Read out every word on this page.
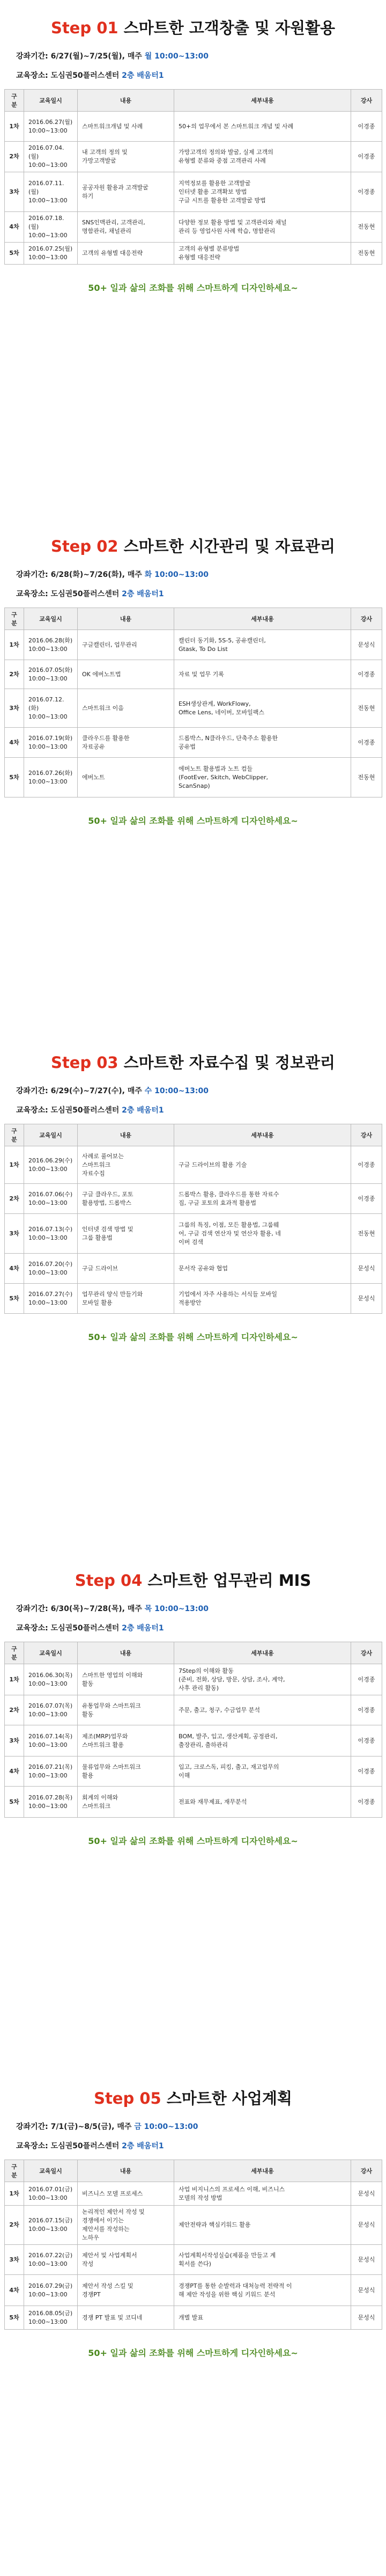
Step 01 스마트한 고객창출 및 자원활용
강좌기간: 6/27(월)~7/25(월), 매주 월 10:00~13:00
교육장소: 도심권50플러스센터 2층 배움터1
구분	교육일시	내용	세부내용	강사
1차	2016.06.27(월)
10:00~13:00	스마트워크개념 및 사례	50+의 업무에서 본 스마트워크 개념 및 사례	이경종
2차	2016.07.04.(월)
10:00~13:00	내 고객의 정의 및
가망고객발굴	가망고객의 정의와 발굴, 실제 고객의
유형별 분류와 중점 고객관리 사례	이경종
3차	2016.07.11.(월)
10:00~13:00	공공자원 활용과 고객발굴
하기	지역정보를 활용한 고객발굴
인터넷 활용 고객확보 방법
구글 시트를 활용한 고객발굴 방법	이경종
4차	2016.07.18.(월)
10:00~13:00	SNS인맥관리, 고객관리,
명함관리, 채널관리	다양한 정보 활용 방법 및 고객관리와 채널
관리 등 영업사원 사례 학습, 명함관리	전동현
5차	2016.07.25(월)
10:00~13:00	고객의 유형별 대응전략	고객의 유형별 분류방법
유형별 대응전략	전동현
50+ 일과 삶의 조화를 위해 스마트하게 디자인하세요~
Step 02 스마트한 시간관리 및 자료관리
강좌기간: 6/28(화)~7/26(화), 매주 화 10:00~13:00
교육장소: 도심권50플러스센터 2층 배움터1
구분	교육일시	내용	세부내용	강사
1차	2016.06.28(화)
10:00~13:00	구글캘린더, 업무관리	캘린더 동기화, 5S-5, 공유캘린더,
Gtask, To Do List	문성식
2차	2016.07.05(화)
10:00~13:00	OK 에버노트법	자료 및 업무 기록	이경종
3차	2016.07.12.(화)
10:00~13:00	스마트워크 이음	ESH생상관계, WorkFlowy,
Office Lens, 네이버, 모바일팩스	전동현
4차	2016.07.19(화)
10:00~13:00	클라우드를 활용한
자료공유	드롭박스, N클라우드, 단축주소 활용한
공유법	이경종
5차	2016.07.26(화)
10:00~13:00	에버노트	에버노트 활용법과 노트 컴들
(FootEver, Skitch, WebClipper,
ScanSnap)	전동현
50+ 일과 삶의 조화를 위해 스마트하게 디자인하세요~
Step 03 스마트한 자료수집 및 정보관리
강좌기간: 6/29(수)~7/27(수), 매주 수 10:00~13:00
교육장소: 도심권50플러스센터 2층 배움터1
구분	교육일시	내용	세부내용	강사
1차	2016.06.29(수)
10:00~13:00	사례로 풀어보는
스마트워크
자료수집	구글 드라이브의 활용 기술	이경종
2차	2016.07.06(수)
10:00~13:00	구글 클라우드, 포토
활용방법, 드롭박스	드롭박스 활용, 클라우드를 통한 자료수
집, 구글 포토의 효과적 활용법	이경종
3차	2016.07.13(수)
10:00~13:00	인터넷 검색 방법 및
그룹 활용법	그룹의 특징, 이점, 모든 활용법, 그룹웨
어, 구글 검색 연산자 및 연산자 활용, 네
이버 검색	전동현
4차	2016.07.20(수)
10:00~13:00	구글 드라이브	문서작 공유와 협업	문성식
5차	2016.07.27(수)
10:00~13:00	업무관리 양식 만들기와
모바일 활용	기업에서 자주 사용하는 서식들 모바일
적용방안	문성식
50+ 일과 삶의 조화를 위해 스마트하게 디자인하세요~
Step 04 스마트한 업무관리 MIS
강좌기간: 6/30(목)~7/28(목), 매주 목 10:00~13:00
교육장소: 도심권50플러스센터 2층 배움터1
구분	교육일시	내용	세부내용	강사
1차	2016.06.30(목)
10:00~13:00	스마트한 영업의 이해와
활동	7Step의 이해와 활동
(준비, 전화, 상담, 방문, 상담, 조사, 계약,
사후 관리 활동)	이경종
2차	2016.07.07(목)
10:00~13:00	유통업무와 스마트워크
활동	주문, 출고, 청구, 수금업무 분석	이경종
3차	2016.07.14(목)
10:00~13:00	제조(MRP)업무와
스마트워크 활용	BOM, 발주, 입고, 생산계획, 공정관리,
출장관리, 출하관리	이경종
4차	2016.07.21(목)
10:00~13:00	물류업무와 스마트워크
활용	입고, 크로스독, 피킹, 출고, 재고업무의
이해	이경종
5차	2016.07.28(목)
10:00~13:00	회계의 이해와
스마트워크	전표와 재무제표, 재무분석	이경종
50+ 일과 삶의 조화를 위해 스마트하게 디자인하세요~
Step 05 스마트한 사업계획
강좌기간: 7/1(금)~8/5(금), 매주 금 10:00~13:00
교육장소: 도심권50플러스센터 2층 배움터1
구분	교육일시	내용	세부내용	강사
1차	2016.07.01(금)
10:00~13:00	비즈니스 모델 프로세스	사업 비지니스의 프로세스 이해, 비즈니스
모델의 작성 방법	문성식
2차	2016.07.15(금)
10:00~13:00	논리적인 제안서 작성 및
경쟁에서 이기는
제안서를 작성하는
노하우	제안전략과 핵심키워드 활용	문성식
3차	2016.07.22(금)
10:00~13:00	제안서 및 사업계획서
작성	사업계획서작성실습(제품을 만들고 계
획서를 쓴다)	문성식
4차	2016.07.29(금)
10:00~13:00	제안서 작성 스킬 및
경쟁PT	경쟁PT를 통한 순발력과 대처능력 전략적 이
해 제안 작성을 위한 핵심 키워드 분석	문성식
5차	2016.08.05(금)
10:00~13:00	경쟁 PT 발표 및 코디네	개별 발표	문성식
50+ 일과 삶의 조화를 위해 스마트하게 디자인하세요~
